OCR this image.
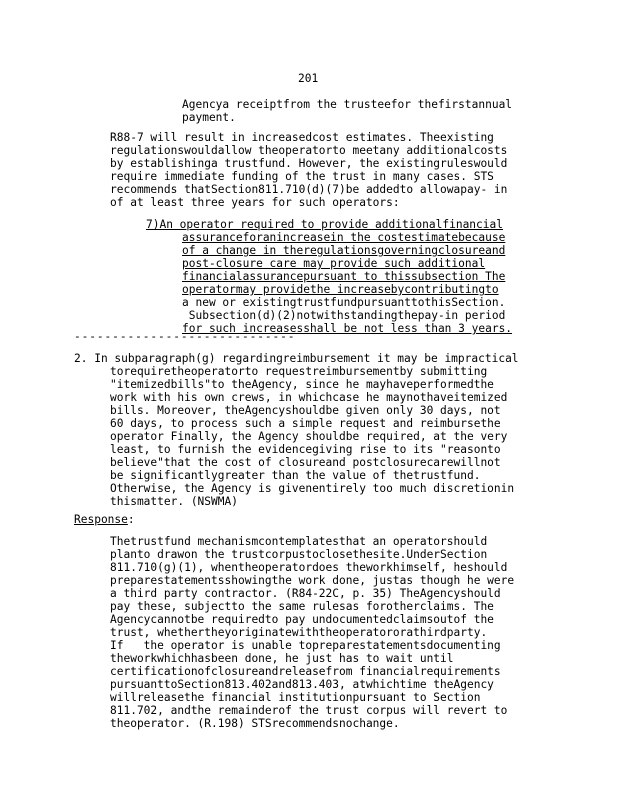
201
Agencya receiptfrom the trusteefor thefirstannual
payment.
R88-7 will result in increasedcost estimates. Theexisting
regulationswouldallow theoperatorto meetany additionalcosts
by establishinga trustfund. However, the existingruleswould
require immediate funding of the trust in many cases. STS
recommends thatSection811.710(d)(7)be addedto allowapay- in
of at least three years for such operators:
7)An operator required to provide additionalfinancial
assuranceforanincreasein the costestimatebecause
of a change in theregulationsgoverningclosureand
post-closure care may provide such additional
financialassurancepursuant to thissubsection The
operatormay providethe increasebycontributingto
a new or existingtrustfundpursuanttothisSection.
Subsection(d)(2)notwithstandingthepay-in period
for such increasesshall be not less than 3 years.
-----------------------------
2. In subparagraph(g) regardingreimbursement it may be impractical
torequiretheoperatorto requestreimbursementby submitting
"itemizedbills"to theAgency, since he mayhaveperformedthe
work with his own crews, in whichcase he maynothaveitemized
bills. Moreover, theAgencyshouldbe given only 30 days, not
60 days, to process such a simple request and reimbursethe
operator Finally, the Agency shouldbe required, at the very
least, to furnish the evidencegiving rise to its "reasonto
believe"that the cost of closureand postclosurecarewillnot
be significantlygreater than the value of thetrustfund.
Otherwise, the Agency is givenentirely too much discretionin
thismatter. (NSWMA)
Response:
Thetrustfund mechanismcontemplatesthat an operatorshould
planto drawon the trustcorpustoclosethesite.UnderSection
811.710(g)(1), whentheoperatordoes theworkhimself, heshould
preparestatementsshowingthe work done, justas though he were
a third party contractor. (R84-22C, p. 35) TheAgencyshould
pay these, subjectto the same rulesas forotherclaims. The
Agencycannotbe requiredto pay undocumentedclaimsoutof the
trust, whethertheyoriginatewiththeoperatororathirdparty.
If   the operator is unable topreparestatementsdocumenting
theworkwhichhasbeen done, he just has to wait until
certificationofclosureandreleasefrom financialrequirements
pursuanttoSection813.402and813.403, atwhichtime theAgency
willreleasethe financial institutionpursuant to Section
811.702, andthe remainderof the trust corpus will revert to
theoperator. (R.198) STSrecommendsnochange.
